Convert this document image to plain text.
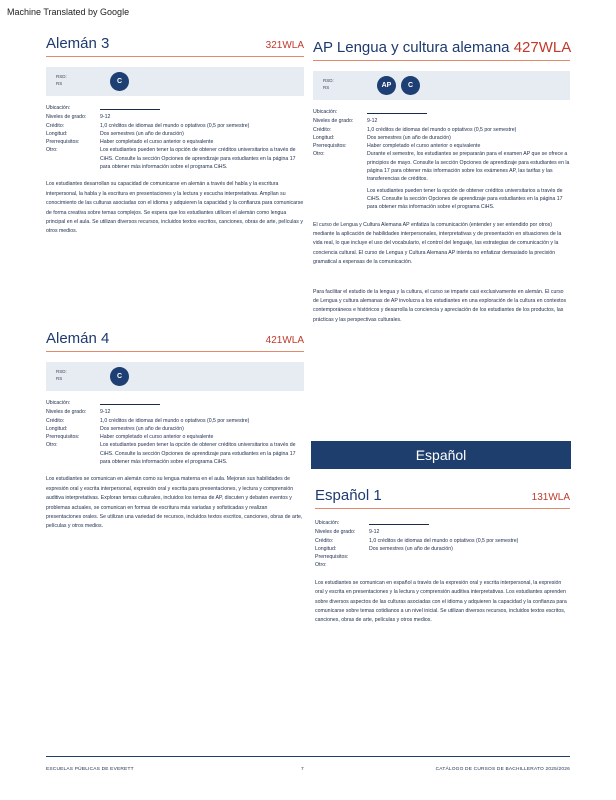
Machine Translated by Google
Alemán 3	321WLA
RSD:
RS	C
Ubicación:
Niveles de grado:	9-12
Crédito:	1,0 créditos de idiomas del mundo o optativos (0,5 por semestre)
Longitud:	Dos semestres (un año de duración)
Prerrequisitos:	Haber completado el curso anterior o equivalente
Otro:	Los estudiantes pueden tener la opción de obtener créditos universitarios a través de CiHS. Consulte la sección Opciones de aprendizaje para estudiantes en la página 17 para obtener más información sobre el programa CiHS.
Los estudiantes desarrollan su capacidad de comunicarse en alemán a través del habla y la escritura interpersonal, la habla y la escritura en presentaciones y la lectura y escucha interpretativas. Amplían su conocimiento de las culturas asociadas con el idioma y adquieren la capacidad y la confianza para comunicarse de forma creativa sobre temas complejos. Se espera que los estudiantes utilicen el alemán como lengua principal en el aula. Se utilizan diversos recursos, incluidos textos escritos, canciones, obras de arte, películas y otros medios.
Alemán 4	421WLA
RSD:
RS	C
Ubicación:
Niveles de grado:	9-12
Crédito:	1,0 créditos de idiomas del mundo o optativos (0,5 por semestre)
Longitud:	Dos semestres (un año de duración)
Prerrequisitos:	Haber completado el curso anterior o equivalente
Otro:	Los estudiantes pueden tener la opción de obtener créditos universitarios a través de CiHS. Consulte la sección Opciones de aprendizaje para estudiantes en la página 17 para obtener más información sobre el programa CiHS.
Los estudiantes se comunican en alemán como su lengua materna en el aula. Mejoran sus habilidades de expresión oral y escrita interpersonal, expresión oral y escrita para presentaciones, y lectura y comprensión auditiva interpretativas. Exploran temas culturales, incluidos los temas de AP, discuten y debaten eventos y problemas actuales, se comunican en formas de escritura más variadas y sofisticadas y realizan presentaciones orales. Se utilizan una variedad de recursos, incluidos textos escritos, canciones, obras de arte, películas y otros medios.
AP Lengua y cultura alemana 427WLA
RSD:
RS	AP	C
Ubicación:
Niveles de grado:	9-12
Crédito:	1,0 créditos de idiomas del mundo o optativos (0,5 por semestre)
Longitud:	Dos semestres (un año de duración)
Prerrequisitos:	Haber completado el curso anterior o equivalente
Otro:	Durante el semestre, los estudiantes se prepararán para el examen AP que se ofrece a principios de mayo. Consulte la sección Opciones de aprendizaje para estudiantes en la página 17 para obtener más información sobre los exámenes AP, las tarifas y las transferencias de créditos.
Los estudiantes pueden tener la opción de obtener créditos universitarios a través de CiHS. Consulte la sección Opciones de aprendizaje para estudiantes en la página 17 para obtener más información sobre el programa CiHS.
El curso de Lengua y Cultura Alemana AP enfatiza la comunicación (entender y ser entendido por otros) mediante la aplicación de habilidades interpersonales, interpretativas y de presentación en situaciones de la vida real, lo que incluye el uso del vocabulario, el control del lenguaje, las estrategias de comunicación y la conciencia cultural. El curso de Lengua y Cultura Alemana AP intenta no enfatizar demasiado la precisión gramatical a expensas de la comunicación.
Para facilitar el estudio de la lengua y la cultura, el curso se imparte casi exclusivamente en alemán. El curso de Lengua y cultura alemanas de AP involucra a los estudiantes en una exploración de la cultura en contextos contemporáneos e históricos y desarrolla la conciencia y apreciación de los estudiantes de los productos, las prácticas y las perspectivas culturales.
Español
Español 1	131WLA
Ubicación:
Niveles de grado:	9-12
Crédito:	1,0 créditos de idiomas del mundo o optativos (0,5 por semestre)
Longitud:	Dos semestres (un año de duración)
Prerrequisitos:
Otro:
Los estudiantes se comunican en español a través de la expresión oral y escrita interpersonal, la expresión oral y escrita en presentaciones y la lectura y comprensión auditiva interpretativas. Los estudiantes aprenden sobre diversos aspectos de las culturas asociadas con el idioma y adquieren la capacidad y la confianza para comunicarse sobre temas cotidianos a un nivel inicial. Se utilizan diversos recursos, incluidos textos escritos, canciones, obras de arte, películas y otros medios.
ESCUELAS PÚBLICAS DE EVERETT	7	CATÁLOGO DE CURSOS DE BACHILLERATO 2025/2026
